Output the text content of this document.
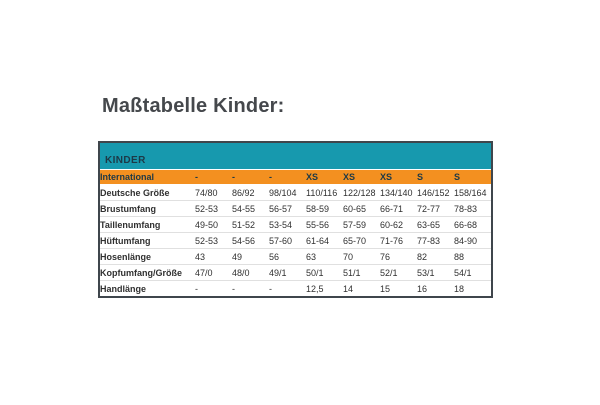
Maßtabelle Kinder:
KINDER
International	-	-	-	XS	XS	XS	S	S
Deutsche Größe	74/80	86/92	98/104	110/116	122/128	134/140	146/152	158/164
Brustumfang	52-53	54-55	56-57	58-59	60-65	66-71	72-77	78-83
Taillenumfang	49-50	51-52	53-54	55-56	57-59	60-62	63-65	66-68
Hüftumfang	52-53	54-56	57-60	61-64	65-70	71-76	77-83	84-90
Hosenlänge	43	49	56	63	70	76	82	88
Kopfumfang/Größe	47/0	48/0	49/1	50/1	51/1	52/1	53/1	54/1
Handlänge	-	-	-	12,5	14	15	16	18
